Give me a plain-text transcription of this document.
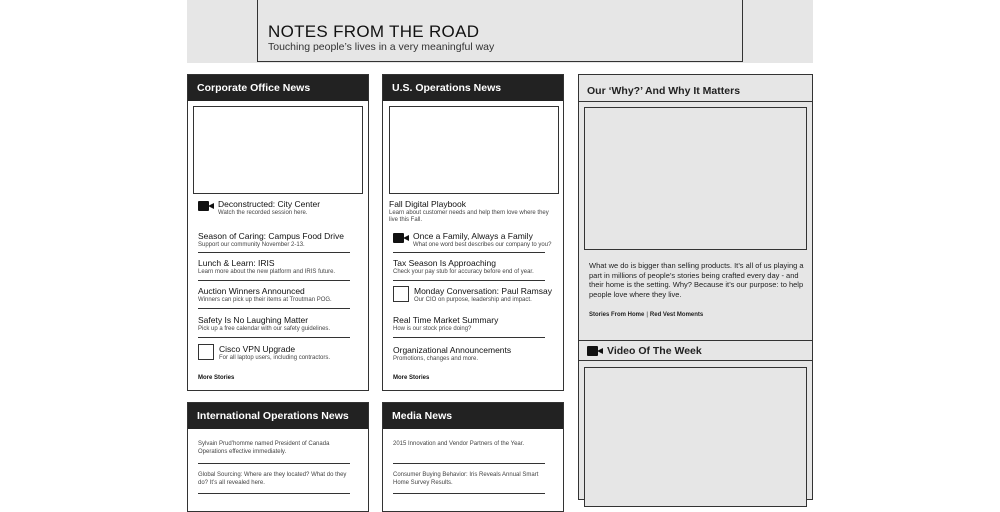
NOTES FROM THE ROAD
Touching people’s lives in a very meaningful way
Corporate Office News
Deconstructed: City Center
Watch the recorded session here.
Season of Caring: Campus Food Drive
Support our community November 2-13.
Lunch & Learn: IRIS
Learn more about the new platform and IRIS future.
Auction Winners Announced
Winners can pick up their items at Troutman POG.
Safety Is No Laughing Matter
Pick up a free calendar with our safety guidelines.
Cisco VPN Upgrade
For all laptop users, including contractors.
More Stories
U.S. Operations News
Fall Digital Playbook
Learn about customer needs and help them love where they live this Fall.
Once a Family, Always a Family
What one word best describes our company to you?
Tax Season Is Approaching
Check your pay stub for accuracy before end of year.
Monday Conversation: Paul Ramsay
Our CIO on purpose, leadership and impact.
Real Time Market Summary
How is our stock price doing?
Organizational Announcements
Promotions, changes and more.
More Stories
International Operations News
Sylvain Prud’homme named President of Canada Operations effective immediately.
Global Sourcing: Where are they located? What do they do? It’s all revealed here.
Media News
2015 Innovation and Vendor Partners of the Year.
Consumer Buying Behavior: Iris Reveals Annual Smart Home Survey Results.
Our ‘Why?’ And Why It Matters
What we do is bigger than selling products. It’s all of us playing a part in millions of people’s stories being crafted every day - and their home is the setting. Why? Because it’s our purpose: to help people love where they live.
Stories From Home | Red Vest Moments
Video Of The Week
